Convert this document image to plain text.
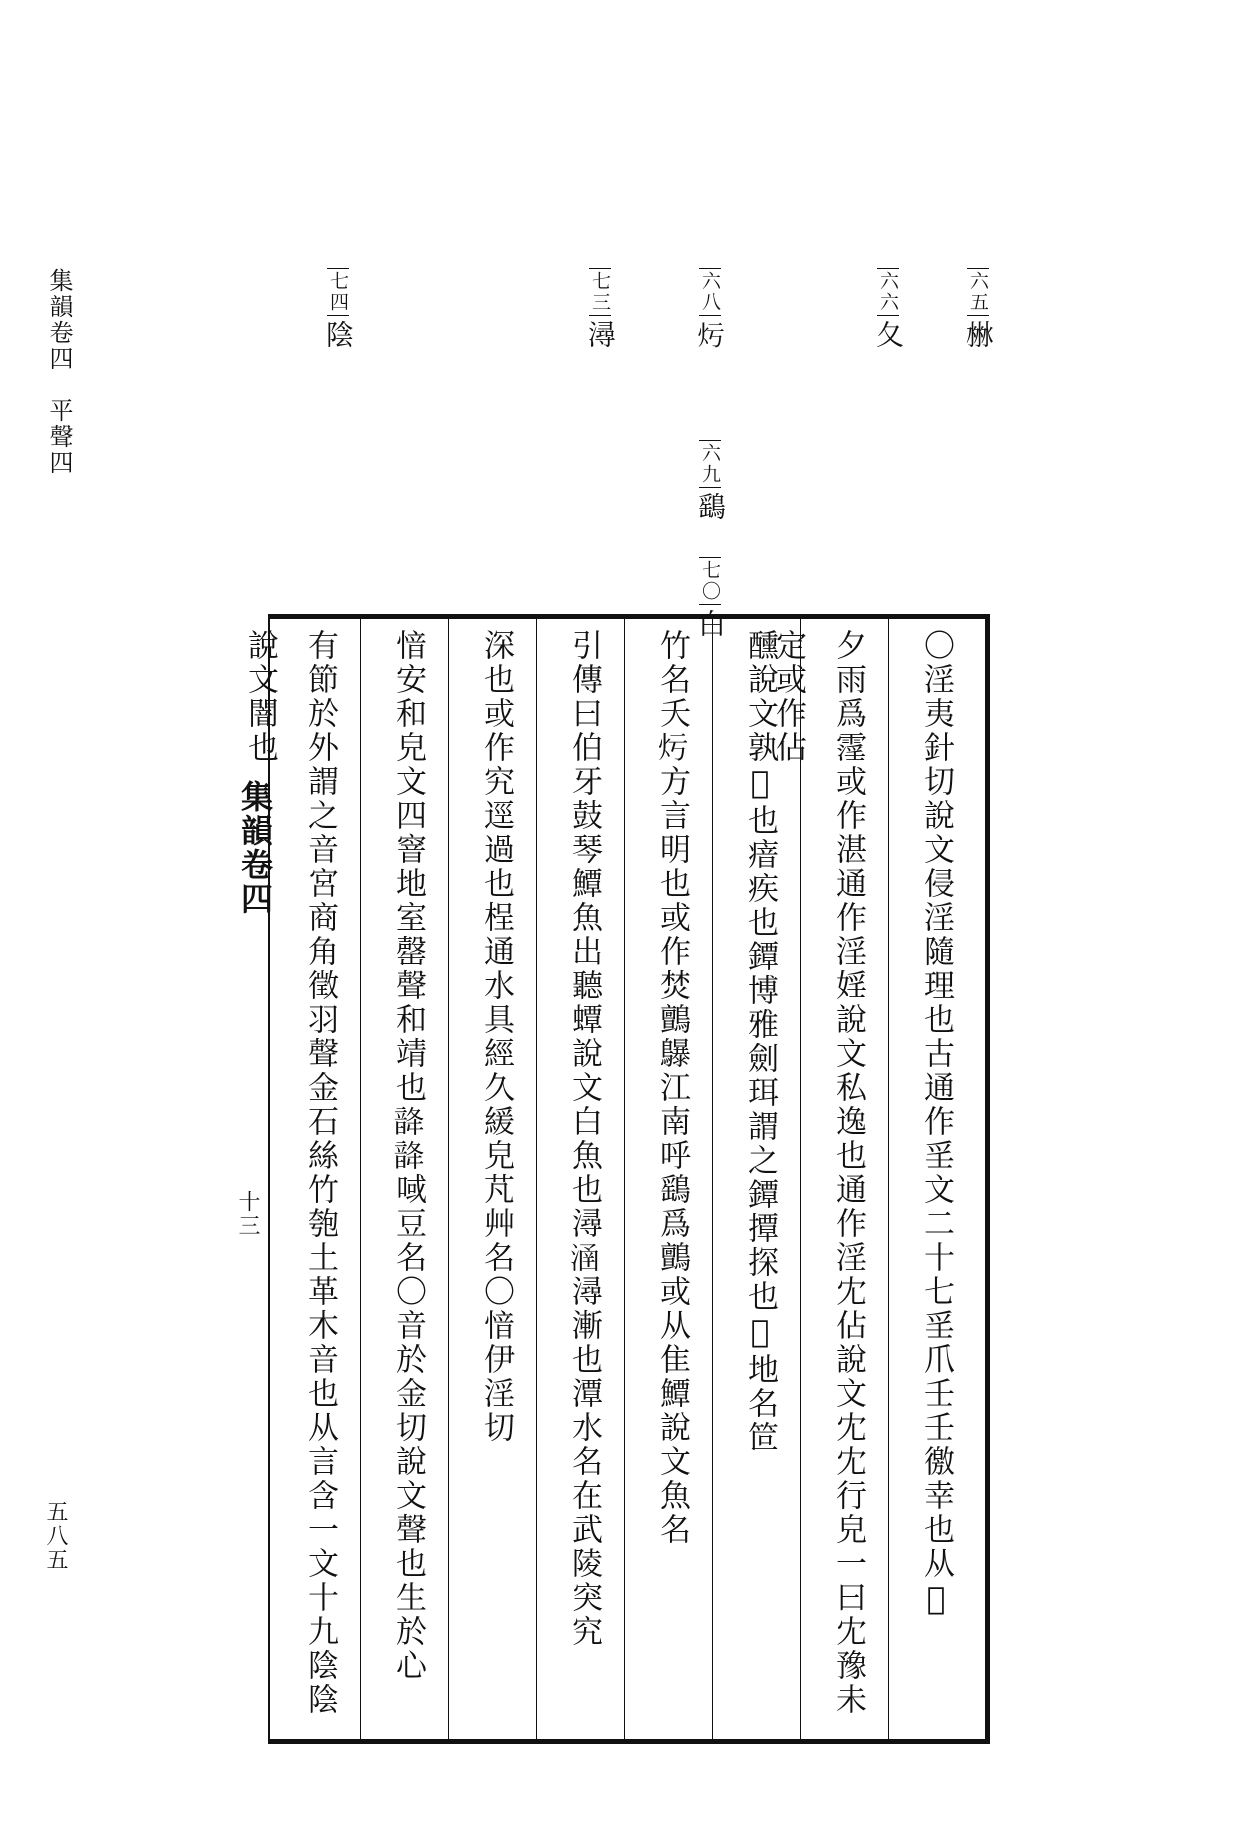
集韻卷四　平聲四
五八五
六五㴇
六六夂
六八𤆏  六九鷂 七〇白
七三潯
七四陰
〇淫夷針切說文侵淫隨理也古通作㸒文二十七㸒爪壬壬徼幸也从𡑓
夕雨爲霪或作湛通作淫婬說文私逸也通作淫冘佔說文冘冘行皃一曰冘豫未定或作佔
醺說文孰𦵔也瘖疾也鐔博雅劍珥謂之鐔撢探也𨛫地名笸
竹名夭𤆏方言明也或作焚鸇鸔江南呼鷂爲鸇或从隹鱏說文魚名
引傳曰伯牙鼓琴鱏魚出聽蟫說文白魚也潯𣹢潯漸也潭水名在武陵突究
深也或作究逕過也桯通水具經久緩皃芃艸名〇愔伊淫切
愔安和皃文四窨地室罄聲和靖也𩐨𩐨㖪豆名〇音於金切說文聲也生於心
有節於外謂之音宮商角徵羽聲金石絲竹匏土革木音也从言含一文十九陰陰說文闇也
集韻卷四
十三
